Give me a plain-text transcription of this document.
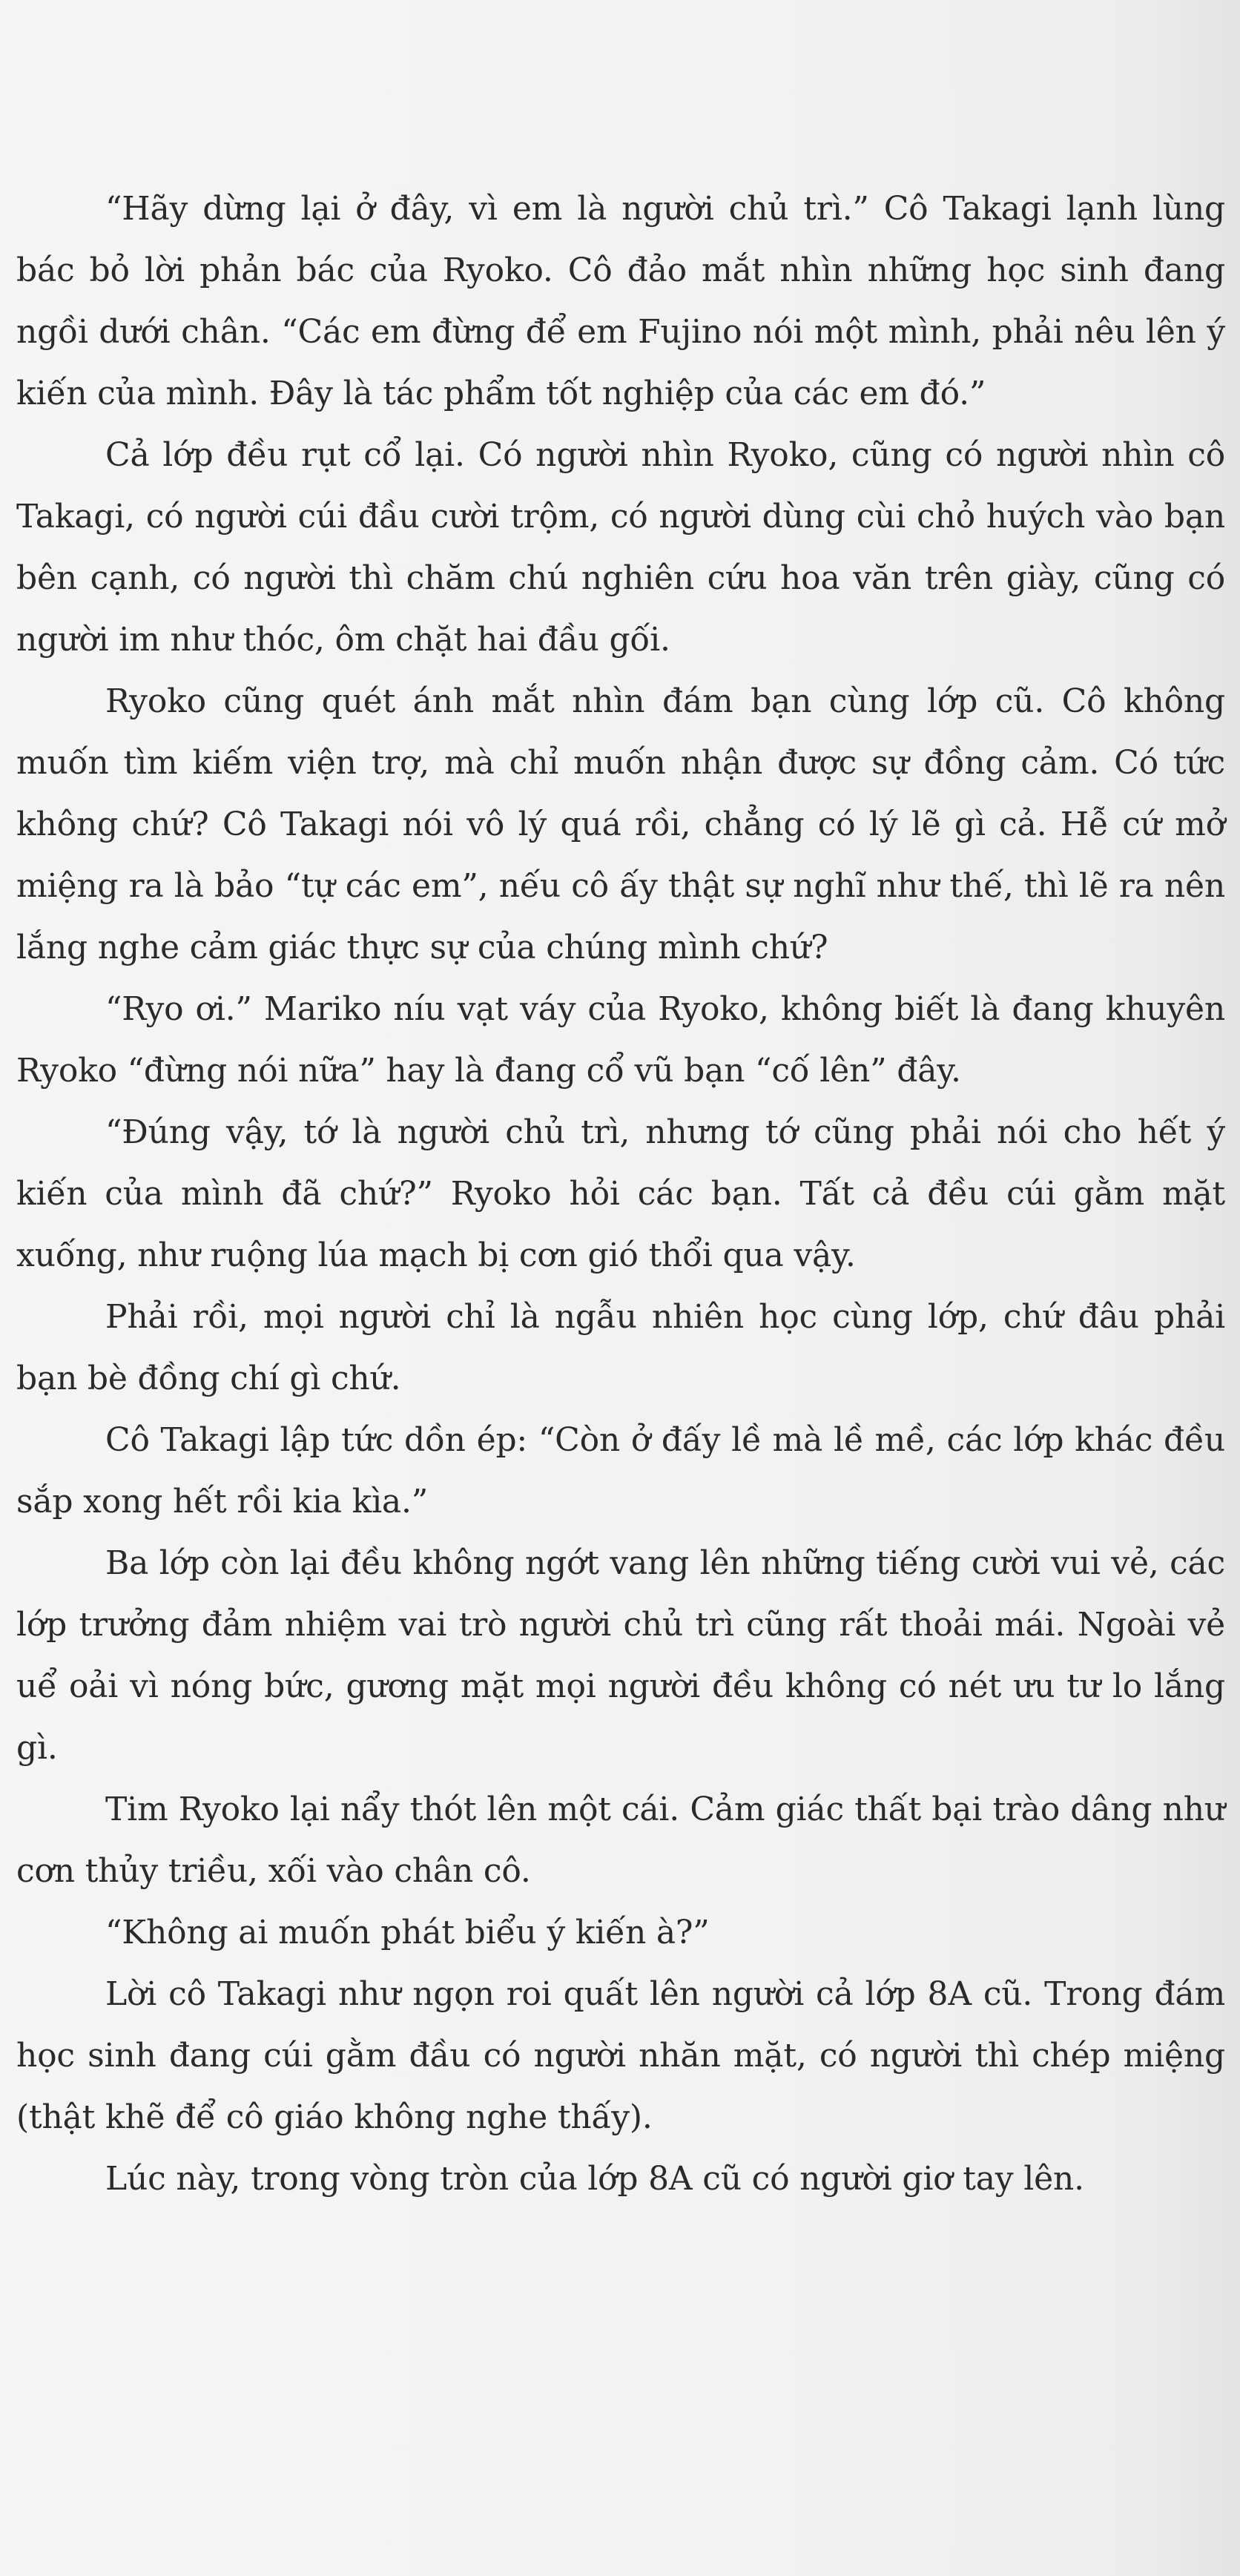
“Hãy dừng lại ở đây, vì em là người chủ trì.” Cô Takagi lạnh lùng bác bỏ lời phản bác của Ryoko. Cô đảo mắt nhìn những học sinh đang ngồi dưới chân. “Các em đừng để em Fujino nói một mình, phải nêu lên ý kiến của mình. Đây là tác phẩm tốt nghiệp của các em đó.”

Cả lớp đều rụt cổ lại. Có người nhìn Ryoko, cũng có người nhìn cô Takagi, có người cúi đầu cười trộm, có người dùng cùi chỏ huých vào bạn bên cạnh, có người thì chăm chú nghiên cứu hoa văn trên giày, cũng có người im như thóc, ôm chặt hai đầu gối.

Ryoko cũng quét ánh mắt nhìn đám bạn cùng lớp cũ. Cô không muốn tìm kiếm viện trợ, mà chỉ muốn nhận được sự đồng cảm. Có tức không chứ? Cô Takagi nói vô lý quá rồi, chẳng có lý lẽ gì cả. Hễ cứ mở miệng ra là bảo “tự các em”, nếu cô ấy thật sự nghĩ như thế, thì lẽ ra nên lắng nghe cảm giác thực sự của chúng mình chứ?

“Ryo ơi.” Mariko níu vạt váy của Ryoko, không biết là đang khuyên Ryoko “đừng nói nữa” hay là đang cổ vũ bạn “cố lên” đây.

“Đúng vậy, tớ là người chủ trì, nhưng tớ cũng phải nói cho hết ý kiến của mình đã chứ?” Ryoko hỏi các bạn. Tất cả đều cúi gằm mặt xuống, như ruộng lúa mạch bị cơn gió thổi qua vậy.

Phải rồi, mọi người chỉ là ngẫu nhiên học cùng lớp, chứ đâu phải bạn bè đồng chí gì chứ.

Cô Takagi lập tức dồn ép: “Còn ở đấy lề mà lề mề, các lớp khác đều sắp xong hết rồi kia kìa.”

Ba lớp còn lại đều không ngớt vang lên những tiếng cười vui vẻ, các lớp trưởng đảm nhiệm vai trò người chủ trì cũng rất thoải mái. Ngoài vẻ uể oải vì nóng bức, gương mặt mọi người đều không có nét ưu tư lo lắng gì.

Tim Ryoko lại nẩy thót lên một cái. Cảm giác thất bại trào dâng như cơn thủy triều, xối vào chân cô.

“Không ai muốn phát biểu ý kiến à?”

Lời cô Takagi như ngọn roi quất lên người cả lớp 8A cũ. Trong đám học sinh đang cúi gằm đầu có người nhăn mặt, có người thì chép miệng (thật khẽ để cô giáo không nghe thấy).

Lúc này, trong vòng tròn của lớp 8A cũ có người giơ tay lên.
